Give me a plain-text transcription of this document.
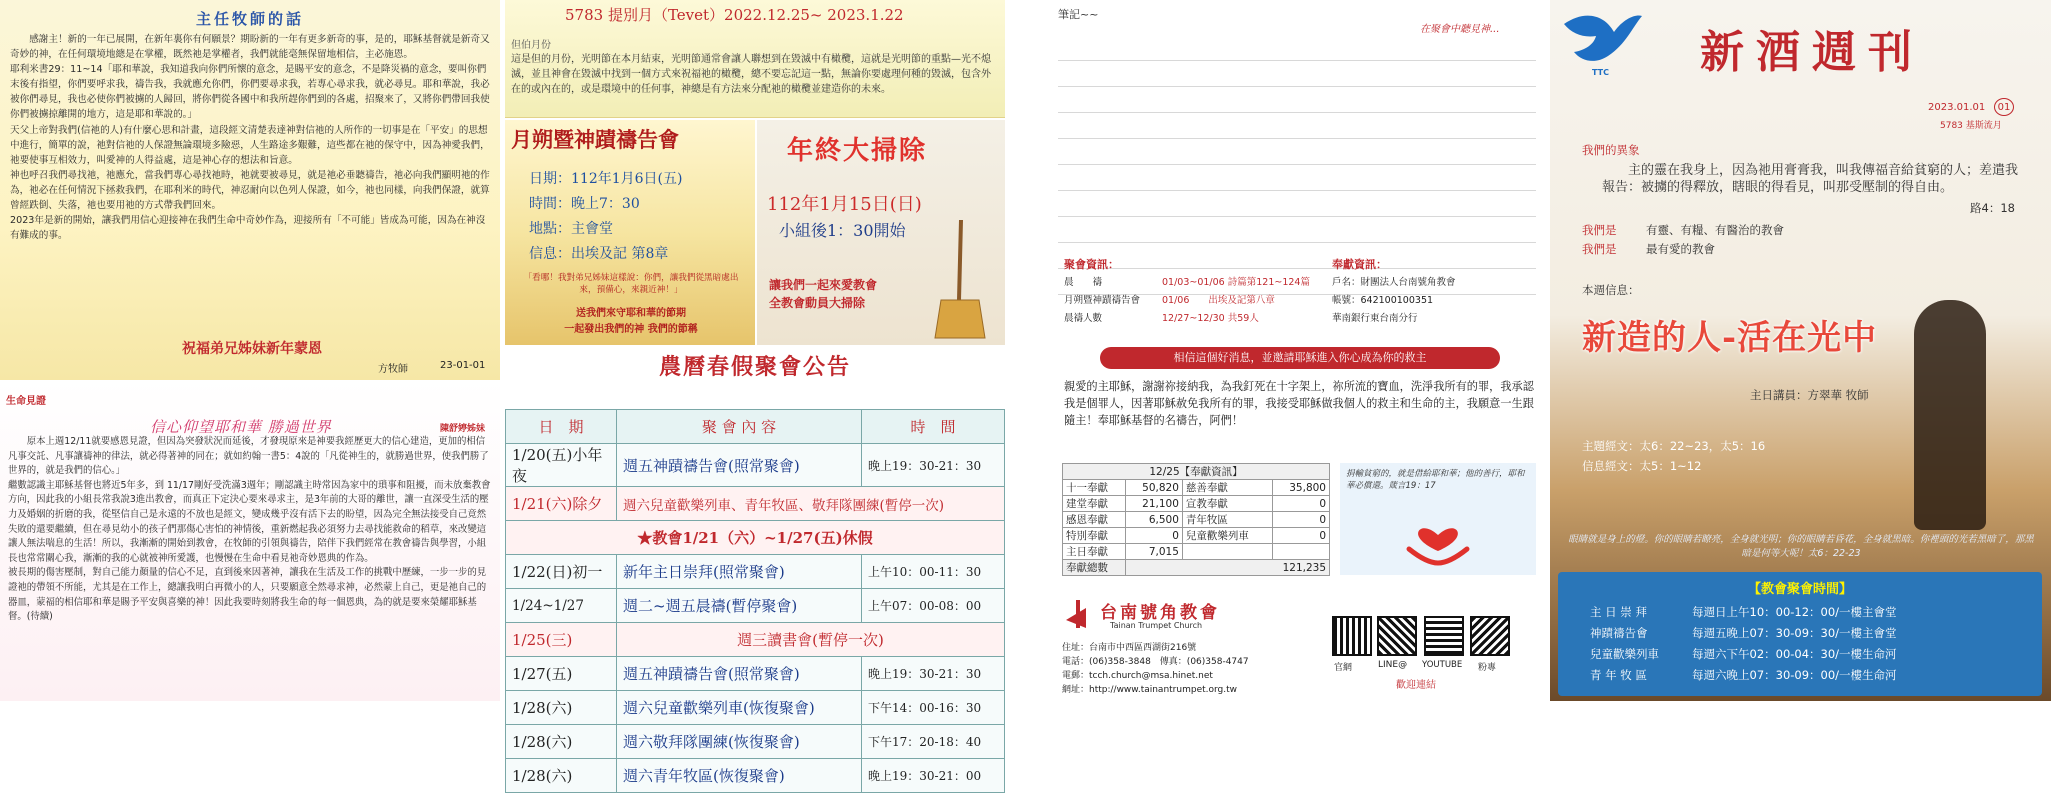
主任牧師的話
感謝主！新的一年已展開，在新年裏你有何願景？期盼新的一年有更多新奇的事，是的，耶穌基督就是新奇又奇妙的神，在任何環境地總是在掌權，既然祂是掌權者，我們就能毫無保留地相信，主必施恩。
耶利米書29：11~14「耶和華說，我知道我向你們所懷的意念，是賜平安的意念，不是降災禍的意念，要叫你們末後有指望，你們要呼求我，禱告我，我就應允你們，你們要尋求我，若專心尋求我，就必尋見。耶和華說，我必被你們尋見，我也必使你們被擄的人歸回，將你們從各國中和我所趕你們到的各處，招聚來了，又將你們帶回我使你們被擄掠離開的地方，這是耶和華說的。」
天父上帝對我們(信祂的人)有什麼心思和計畫，這段經文清楚表達神對信祂的人所作的一切事是在「平安」的思想中進行，簡單的說，祂對信祂的人保證無論環境多險惡，人生路途多艱難，這些都在祂的保守中，因為神愛我們，祂要使事互相效力，叫愛神的人得益處，這是神心存的想法和旨意。
神也呼召我們尋找祂，祂應允，當我們專心尋找祂時，祂就要被尋見，就是祂必垂聽禱告，祂必向我們顯明祂的作為，祂必在任何情況下拯救我們，在耶利米的時代，神忍耐向以色列人保證，如今，祂也同樣，向我們保證，就算曾經跌倒、失落，祂也要用祂的方式帶我們回來。
2023年是新的開始，讓我們用信心迎接神在我們生命中奇妙作為，迎接所有「不可能」皆成為可能，因為在神沒有難成的事。
祝福弟兄姊妹新年蒙恩
方牧師	23-01-01
生命見證
信心仰望耶和華 勝過世界	陳舒婷姊妹
原本上週12/11就要感恩見證，但因為突發狀況而延後，才發現原來是神要我經歷更大的信心建造，更加的相信凡事交託、凡事讓禱神的律法，就必得著神的同在；就如約翰一書5：4說的「凡從神生的，就勝過世界，使我們勝了世界的，就是我們的信心。」
繼數認識主耶穌基督也將近5年多，到 11/17剛好受洗滿3週年；剛認識主時常因為家中的瑣事和阻擾，而未放棄教會方向，因此我的小組長常我說3進出教會，而真正下定決心要來尋求主，是3年前的大哥的離世，讓一直深受生活的壓力及婚姻的折磨的我，從堅信自己是永遠的不放也是經文，變成幾乎沒有活下去的盼望，因為完全無法接受自己竟然失敗的還要繼續，但在尋見幼小的孩子們那傷心害怕的神情後，重新燃起我必須努力去尋找能救命的稻草，來改變這讓人無法喘息的生活！所以，我漸漸的開始到教會，在牧師的引領與禱告，陪伴下我們經常在教會禱告與學習，小組長也常常關心我，漸漸的我的心就被神所愛護，也慢慢在生命中看見祂奇妙恩典的作為。
被長期的傷害壓制，對自己能力顏量的信心不足，直到後來因著神，讓我在生活及工作的挑戰中歷練，一步一步的見證祂的帶領不所能，尤其是在工作上，總讓我明白再微小的人，只要願意全然尋求神，必然蒙上自己，更是祂自己的器皿，蒙福的相信耶和華是賜予平安與喜樂的神！因此我要時刻將我生命的每一個恩典，為的就是要來榮耀耶穌基督。(待續)
5783 提別月（Tevet）2022.12.25~ 2023.1.22
但伯月份
這是但的月份，光明節在本月結束，光明節通常會讓人聯想到在毀滅中有橄欖，這就是光明節的重點—光不熄滅，並且神會在毀滅中找到一個方式來祝福祂的橄欖，總不要忘記這一點，無論你要處理何種的毀滅，包含外在的或內在的，或是環境中的任何事，神總是有方法來分配祂的橄欖並建造你的未來。
月朔暨神蹟禱告會
日期：112年1月6日(五)
時間：晚上7：30
地點：主會堂
信息：出埃及記 第8章
「看哪！我對弟兄姊妹這樣說：你們，讓我們從黑暗處出來，預備心，來親近神！」
送我們來守耶和華的節期
一起發出我們的神 我們的節稱
年終大掃除
112年1月15日(日)
小組後1：30開始
讓我們一起來愛教會
全教會動員大掃除
農曆春假聚會公告
日　期	聚 會 內 容	時　間
1/20(五)小年夜	週五神蹟禱告會(照常聚會)	晚上19：30-21：30
1/21(六)除夕	週六兒童歡樂列車、青年牧區、敬拜隊團練(暫停一次)	
★教會1/21（六）~1/27(五)休假		
1/22(日)初一	新年主日崇拜(照常聚會)	上午10：00-11：30
1/24~1/27	週二~週五晨禱(暫停聚會)	上午07：00-08：00
1/25(三)	週三讀書會(暫停一次)	
1/27(五)	週五神蹟禱告會(照常聚會)	晚上19：30-21：30
1/28(六)	週六兒童歡樂列車(恢復聚會)	下午14：00-16：30
1/28(六)	週六敬拜隊團練(恢復聚會)	下午17：20-18：40
1/28(六)	週六青年牧區(恢復聚會)	晚上19：30-21：00
筆記~~
在聚會中聽見神...
聚會資訊：
晨　　禱	01/03~01/06 詩篇第121~124篇
月朔暨神蹟禱告會 01/06　　出埃及記第八章
晨禱人數	12/27~12/30 共59人
奉獻資訊：
戶名：財團法人台南號角教會
帳號：642100100351
華南銀行東台南分行
相信這個好消息，並邀請耶穌進入你心成為你的救主
親愛的主耶穌，謝謝祢接納我，為我釘死在十字架上，祢所流的寶血，洗淨我所有的罪，我承認我是個罪人，因著耶穌赦免我所有的罪，我接受耶穌做我個人的救主和生命的主，我願意一生跟隨主！奉耶穌基督的名禱告，阿們！
12/25【奉獻資訊】			
十一奉獻	50,820	慈善奉獻	35,800
建堂奉獻	21,100	宣教奉獻	0
感恩奉獻	6,500	青年牧區	0
特別奉獻	0	兒童歡樂列車	0
主日奉獻	7,015		
奉獻總數	121,235		
捐輸貧窮的，就是借給耶和華；他的善行，耶和華必償還。箴言19：17
台南號角教會
Tainan Trumpet Church
住址：台南市中西區西湖街216號
電話：(06)358-3848　傳真：(06)358-4747
電郵：tcch.church@msa.hinet.net
網址：http://www.tainantrumpet.org.tw
官網	LINE@ YOUTUBE 粉專
歡迎連結
TTC 新酒週刊
2023.01.01	01
5783 基斯流月
我們的異象
主的靈在我身上，因為祂用膏膏我，叫我傳福音給貧窮的人；差遣我報告：被擄的得釋放，瞎眼的得看見，叫那受壓制的得自由。
路4：18
我們是	有靈、有糧、有醫治的教會
我們是	最有愛的教會
本週信息：
新造的人-活在光中
主日講員：方翠華 牧師
主題經文：太6：22~23，太5：16
信息經文：太5：1~12
眼睛就是身上的燈。你的眼睛若瞭亮，全身就光明；你的眼睛若昏花，全身就黑暗。你裡頭的光若黑暗了，那黑暗是何等大呢！太6：22-23
【教會聚會時間】
主 日 崇 拜	每週日上午10：00-12：00/一樓主會堂
神蹟禱告會	每週五晚上07：30-09：30/一樓主會堂
兒童歡樂列車	每週六下午02：00-04：30/一樓生命河
青 年 牧 區	每週六晚上07：30-09：00/一樓生命河
